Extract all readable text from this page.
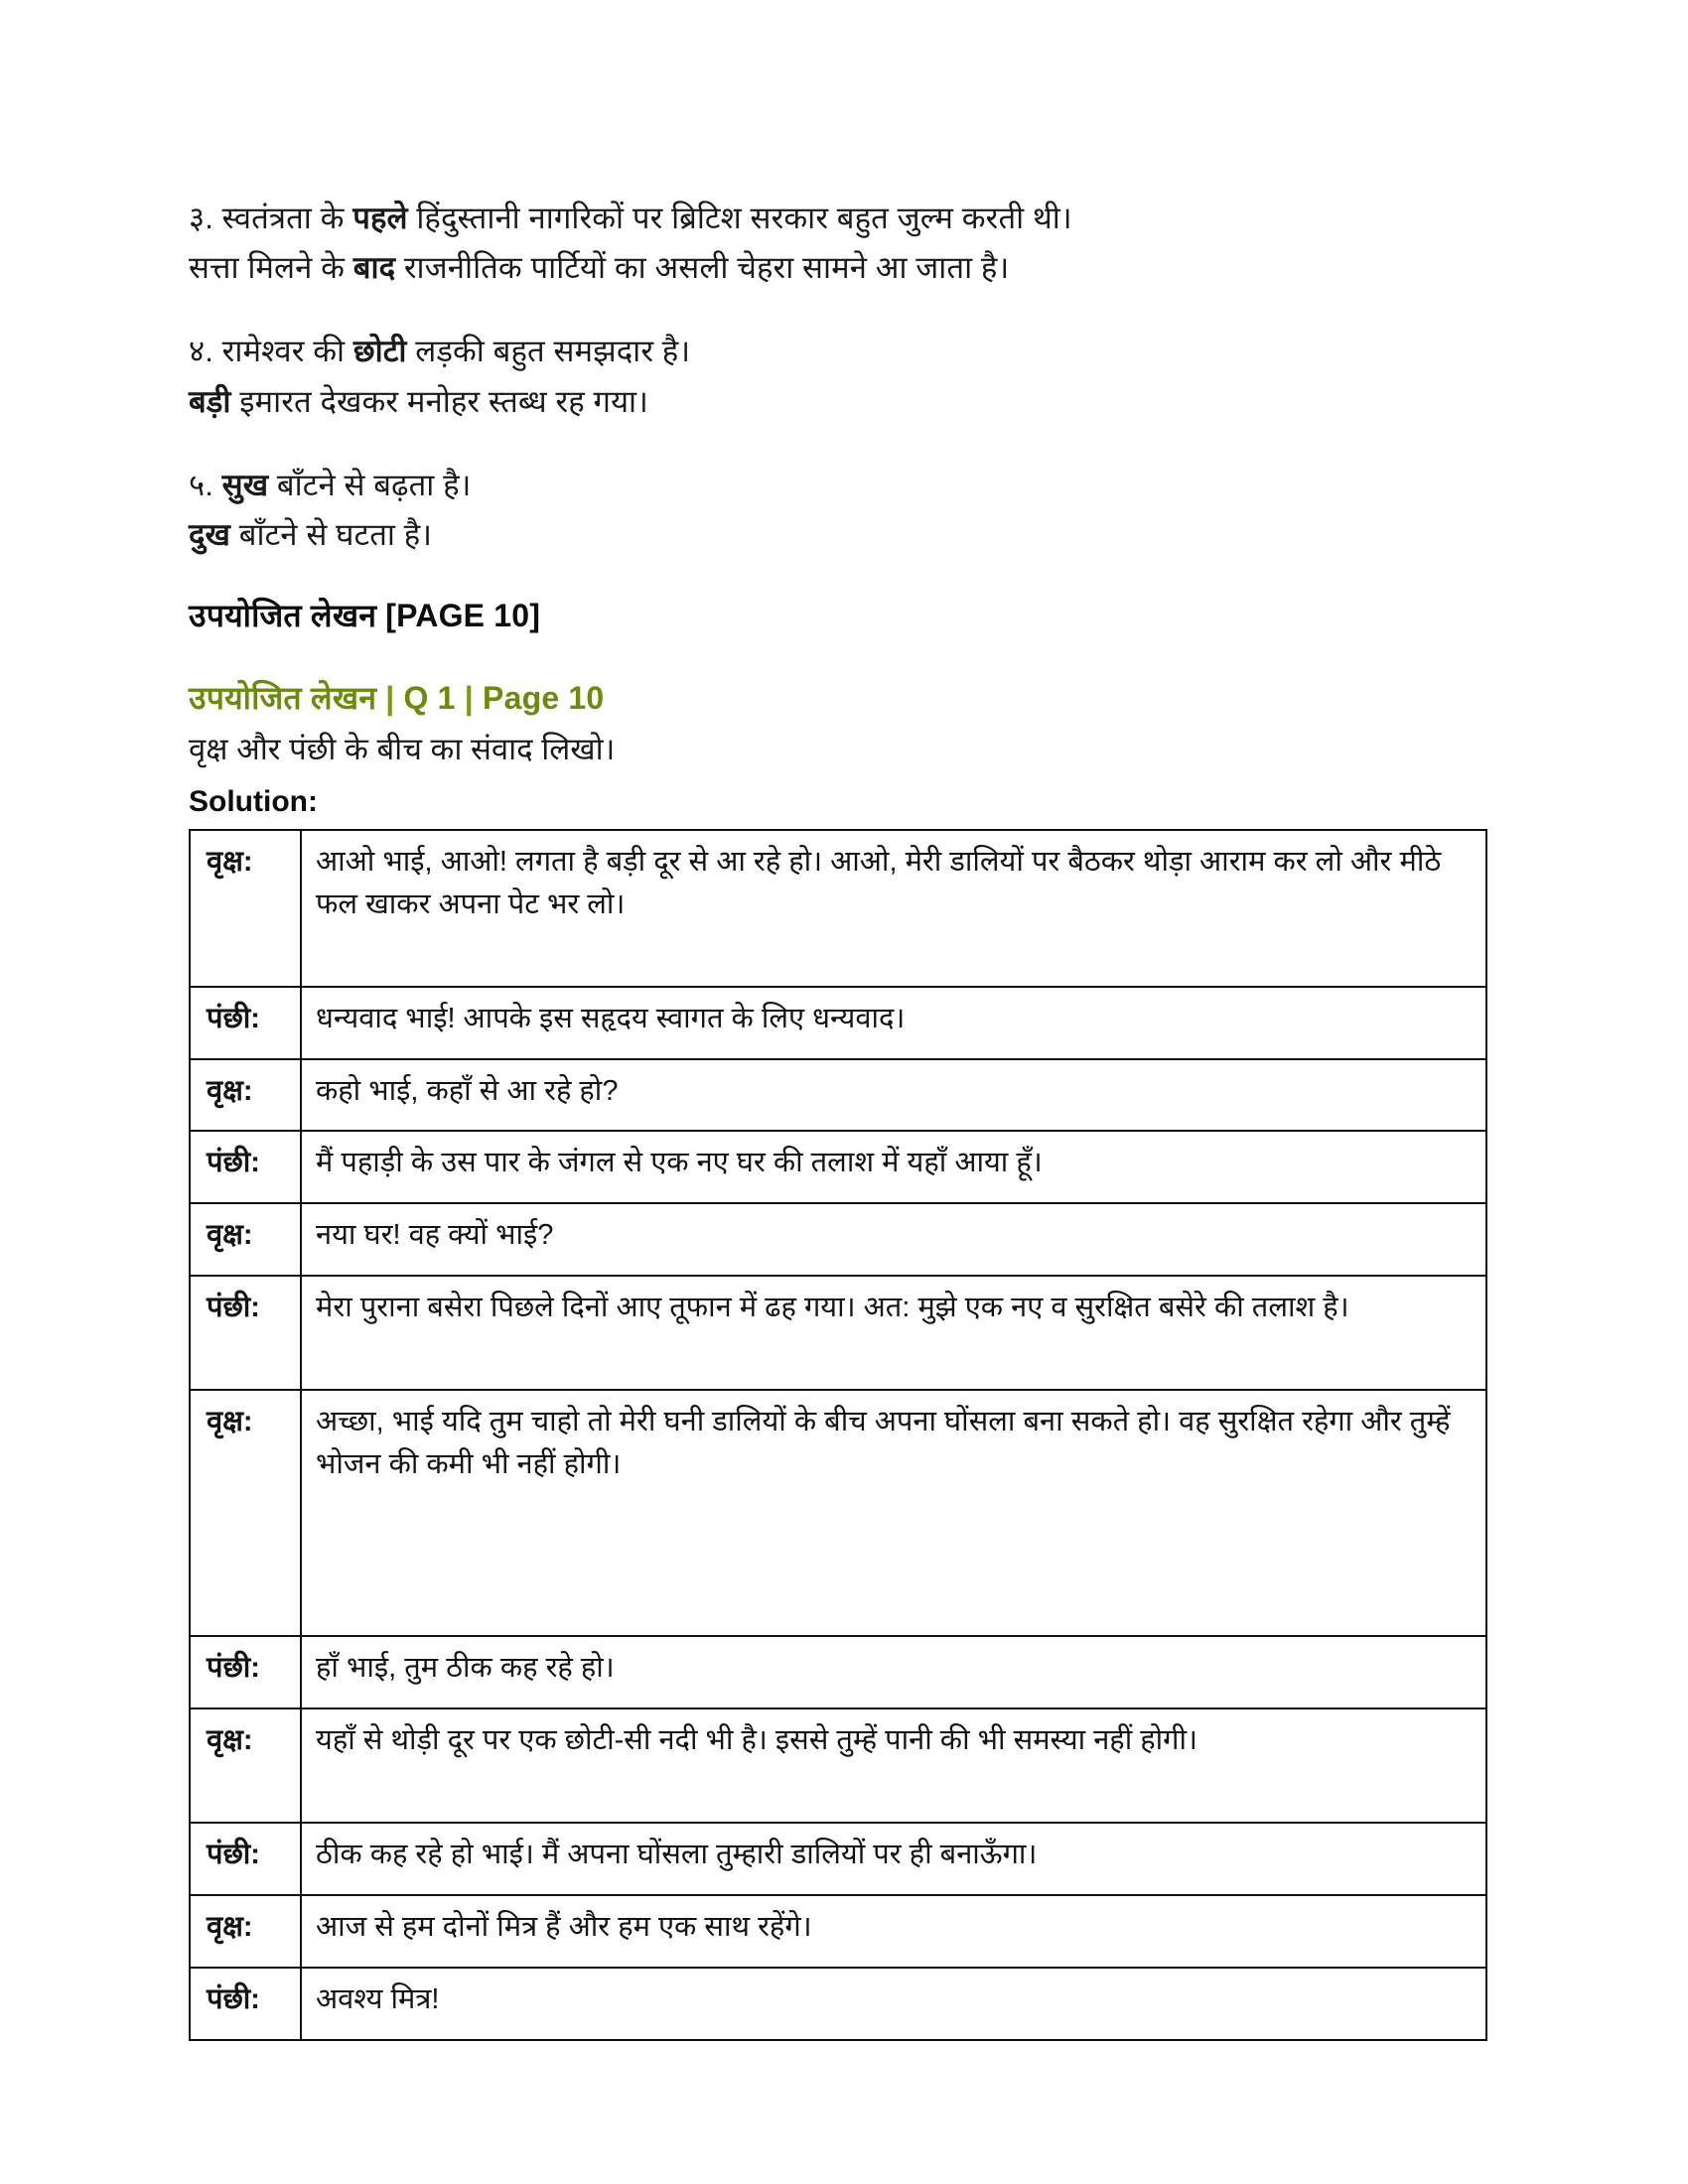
३. स्वतंत्रता के पहले हिंदुस्तानी नागरिकों पर ब्रिटिश सरकार बहुत जुल्म करती थी।
सत्ता मिलने के बाद राजनीतिक पार्टियों का असली चेहरा सामने आ जाता है।

४. रामेश्वर की छोटी लड़की बहुत समझदार है।
बड़ी इमारत देखकर मनोहर स्तब्ध रह गया।

५. सुख बाँटने से बढ़ता है।
दुख बाँटने से घटता है।

उपयोजित लेखन [PAGE 10]
उपयोजित लेखन | Q 1 | Page 10

वृक्ष और पंछी के बीच का संवाद लिखो।

Solution:

वृक्ष:	आओ भाई, आओ! लगता है बड़ी दूर से आ रहे हो। आओ, मेरी डालियों पर बैठकर थोड़ा आराम कर लो और मीठे फल खाकर अपना पेट भर लो।
पंछी:	धन्यवाद भाई! आपके इस सहृदय स्वागत के लिए धन्यवाद।
वृक्ष:	कहो भाई, कहाँ से आ रहे हो?
पंछी:	मैं पहाड़ी के उस पार के जंगल से एक नए घर की तलाश में यहाँ आया हूँ।
वृक्ष:	नया घर! वह क्यों भाई?
पंछी:	मेरा पुराना बसेरा पिछले दिनों आए तूफान में ढह गया। अत: मुझे एक नए व सुरक्षित बसेरे की तलाश है।
वृक्ष:	अच्छा, भाई यदि तुम चाहो तो मेरी घनी डालियों के बीच अपना घोंसला बना सकते हो। वह सुरक्षित रहेगा और तुम्हें भोजन की कमी भी नहीं होगी।
पंछी:	हाँ भाई, तुम ठीक कह रहे हो।
वृक्ष:	यहाँ से थोड़ी दूर पर एक छोटी-सी नदी भी है। इससे तुम्हें पानी की भी समस्या नहीं होगी।
पंछी:	ठीक कह रहे हो भाई। मैं अपना घोंसला तुम्हारी डालियों पर ही बनाऊँगा।
वृक्ष:	आज से हम दोनों मित्र हैं और हम एक साथ रहेंगे।
पंछी:	अवश्य मित्र!
